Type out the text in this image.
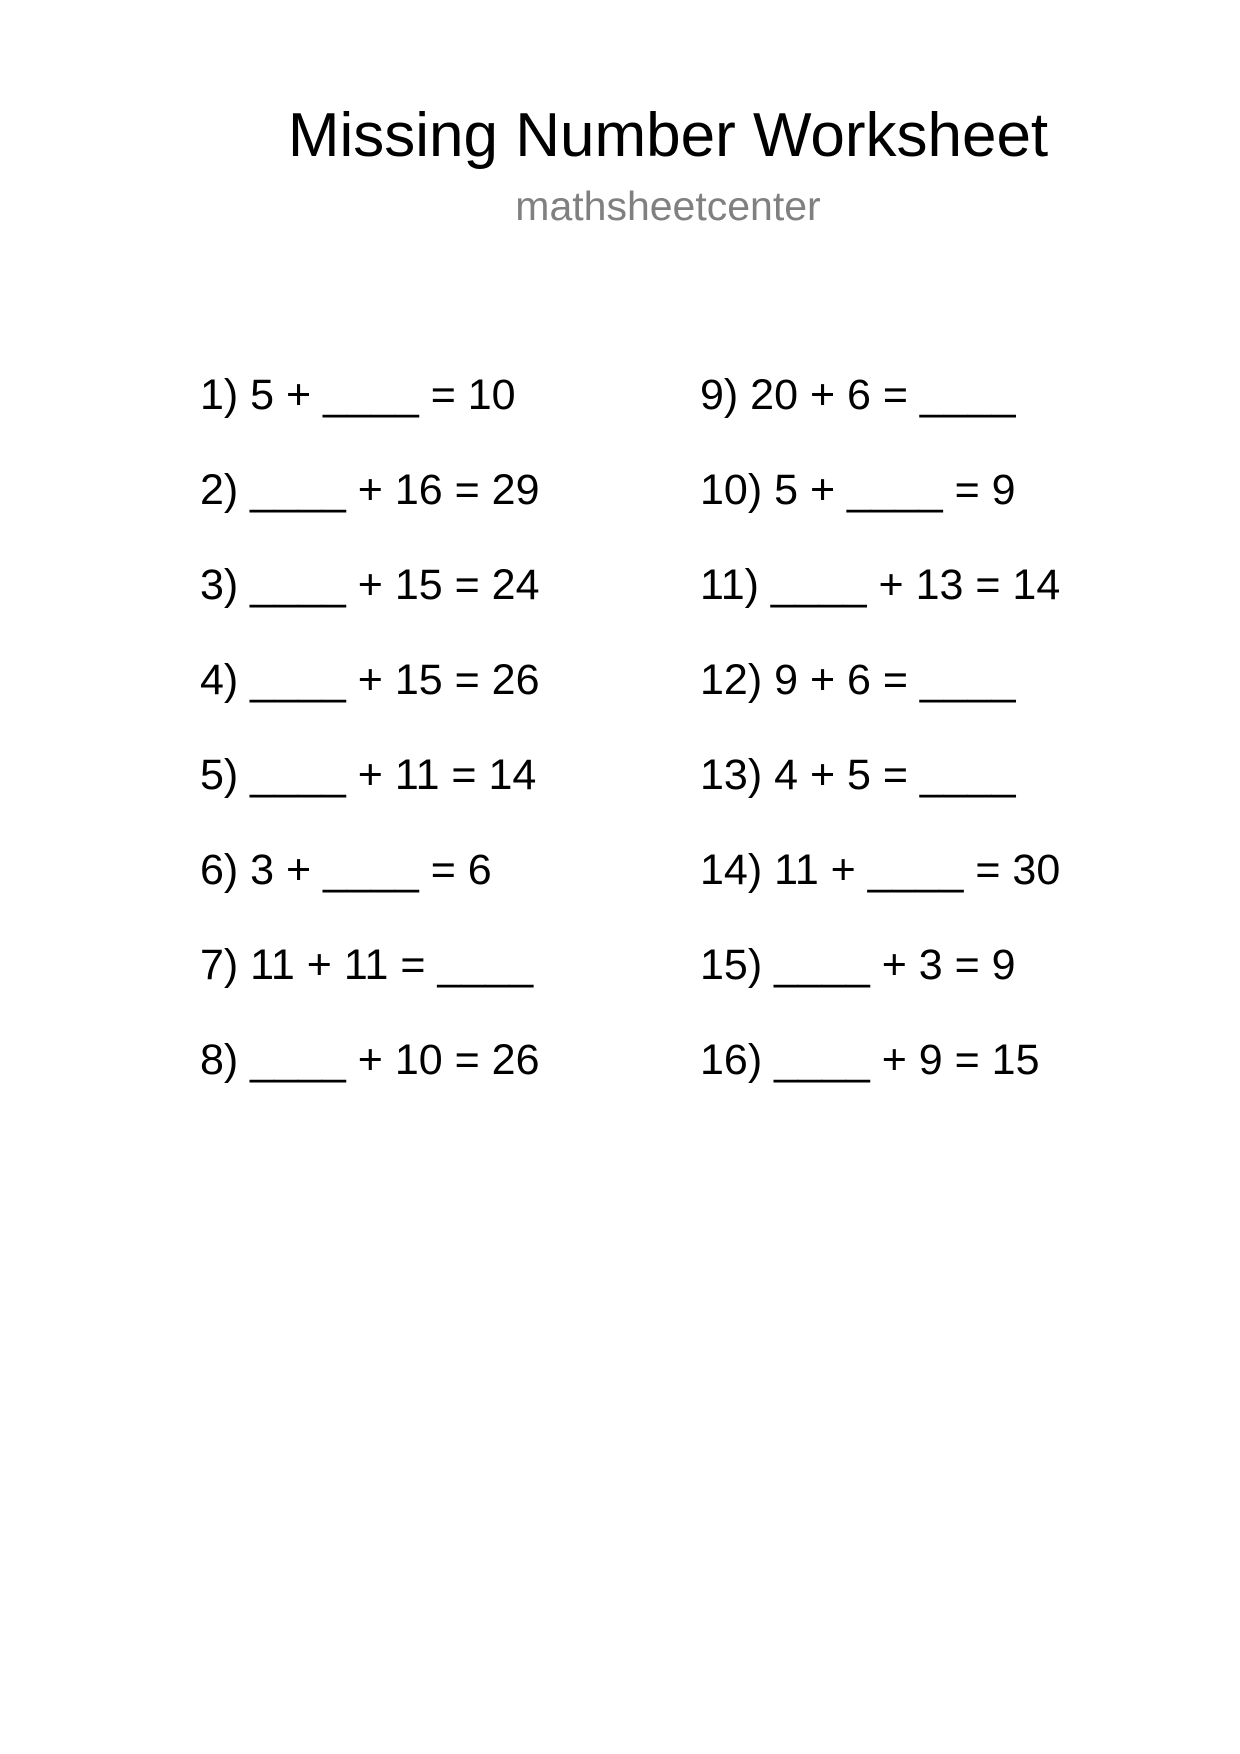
Missing Number Worksheet
mathsheetcenter
1) 5 + ____ = 10
2) ____ + 16 = 29
3) ____ + 15 = 24
4) ____ + 15 = 26
5) ____ + 11 = 14
6) 3 + ____ = 6
7) 11 + 11 = ____
8) ____ + 10 = 26
9) 20 + 6 = ____
10) 5 + ____ = 9
11) ____ + 13 = 14
12) 9 + 6 = ____
13) 4 + 5 = ____
14) 11 + ____ = 30
15) ____ + 3 = 9
16) ____ + 9 = 15
